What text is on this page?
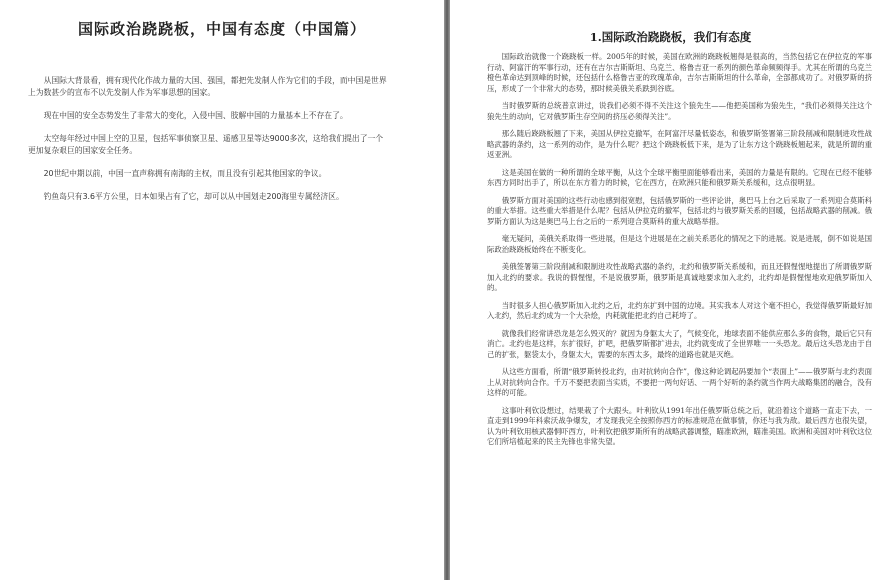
国际政治跷跷板，中国有态度（中国篇）

从国际大背景看，拥有现代化作战力量的大国、强国，都把先发制人作为它们的手段，而中国是世界上为数甚少的宣布不以先发制人作为军事思想的国家。

现在中国的安全态势发生了非常大的变化，入侵中国、肢解中国的力量基本上不存在了。

太空每年经过中国上空的卫星，包括军事侦察卫星、遥感卫星等达9000多次，这给我们提出了一个更加复杂艰巨的国家安全任务。

20世纪中期以前，中国一直声称拥有南海的主权，而且没有引起其他国家的争议。

钓鱼岛只有3.6平方公里，日本如果占有了它，却可以从中国划走200海里专属经济区。

1.国际政治跷跷板，我们有态度

国际政治就像一个跷跷板一样。2005年的时候，美国在欧洲的跷跷板翘得是很高的，当然包括它在伊拉克的军事行动、阿富汗的军事行动，还有在吉尔吉斯斯坦、乌克兰、格鲁吉亚一系列的颜色革命频频得手。尤其在所谓的乌克兰橙色革命达到顶峰的时候，还包括什么格鲁吉亚的玫瑰革命，吉尔吉斯斯坦的什么革命，全部都成功了。对俄罗斯的挤压，形成了一个非常大的态势，那时候美俄关系跌到谷底。

当时俄罗斯的总统普京讲过，说我们必须不得不关注这个狼先生——他把美国称为狼先生，“我们必须得关注这个狼先生的动向，它对俄罗斯生存空间的挤压必须得关注”。

那么随后跷跷板翘了下来，美国从伊拉克撤军，在阿富汗尽量低姿态，和俄罗斯签署第三阶段削减和限制进攻性战略武器的条约，这一系列的动作，是为什么呢？把这个跷跷板低下来，是为了让东方这个跷跷板翘起来，就是所谓的重返亚洲。

这是美国在做的一种所谓的全球平衡，从这个全球平衡里面能够看出来，美国的力量是有限的。它现在已经不能够东西方同时出手了，所以在东方着力的时候，它在西方，在欧洲只能和俄罗斯关系缓和，这点很明显。

俄罗斯方面对美国的这些行动也感到很宽慰，包括俄罗斯的一些评论讲，奥巴马上台之后采取了一系列迎合莫斯科的重大举措。这些重大举措是什么呢？包括从伊拉克的撤军，包括北约与俄罗斯关系的回暖，包括战略武器的削减。俄罗斯方面认为这是奥巴马上台之后的一系列迎合莫斯科的重大战略举措。

毫无疑问，美俄关系取得一些进展，但是这个进展是在之前关系恶化的情况之下的进展。说是进展，倒不如说是国际政治跷跷板始终在不断变化。

美俄签署第三阶段削减和限制进攻性战略武器的条约，北约和俄罗斯关系缓和，而且还假惺惺地提出了所谓俄罗斯加入北约的要求。我说的假惺惺，不是说俄罗斯，俄罗斯是真诚地要求加入北约，北约却是假惺惺地欢迎俄罗斯加入的。

当时很多人担心俄罗斯加入北约之后，北约东扩到中国的边境。其实我本人对这个毫不担心，我觉得俄罗斯最好加入北约，然后北约成为一个大杂烩，内耗就能把北约自己耗垮了。

就像我们经常讲恐龙是怎么毁灭的？就因为身躯太大了，气候变化，地球表面不能供应那么多的食物，最后它只有消亡。北约也是这样，东扩很好，扩吧，把俄罗斯都扩进去，北约就变成了全世界唯一一头恐龙。最后这头恐龙由于自己的扩张，躯袋太小，身躯太大，需要的东西太多，最终的道路也就是灭绝。

从这些方面看，所谓“俄罗斯转投北约，由对抗转向合作”，像这种论调起码要加个“表面上”——俄罗斯与北约表面上从对抗转向合作。千万不要把表面当实质，不要把一两句好话、一两个好听的条约就当作两大战略集团的融合，没有这样的可能。

这事叶利钦设想过，结果栽了个大跟头。叶利钦从1991年出任俄罗斯总统之后，就沿着这个道路一直走下去，一直走到1999年科索沃战争爆发，才发现我完全按照你西方的标准规范在做事情，你还与我为敌。最后西方也很失望，认为叶利钦用核武器恫吓西方，叶利钦把俄罗斯所有的战略武器调整，瞄准欧洲，瞄准美国。欧洲和美国对叶利钦这位它们所培植起来的民主先锋也非常失望。
